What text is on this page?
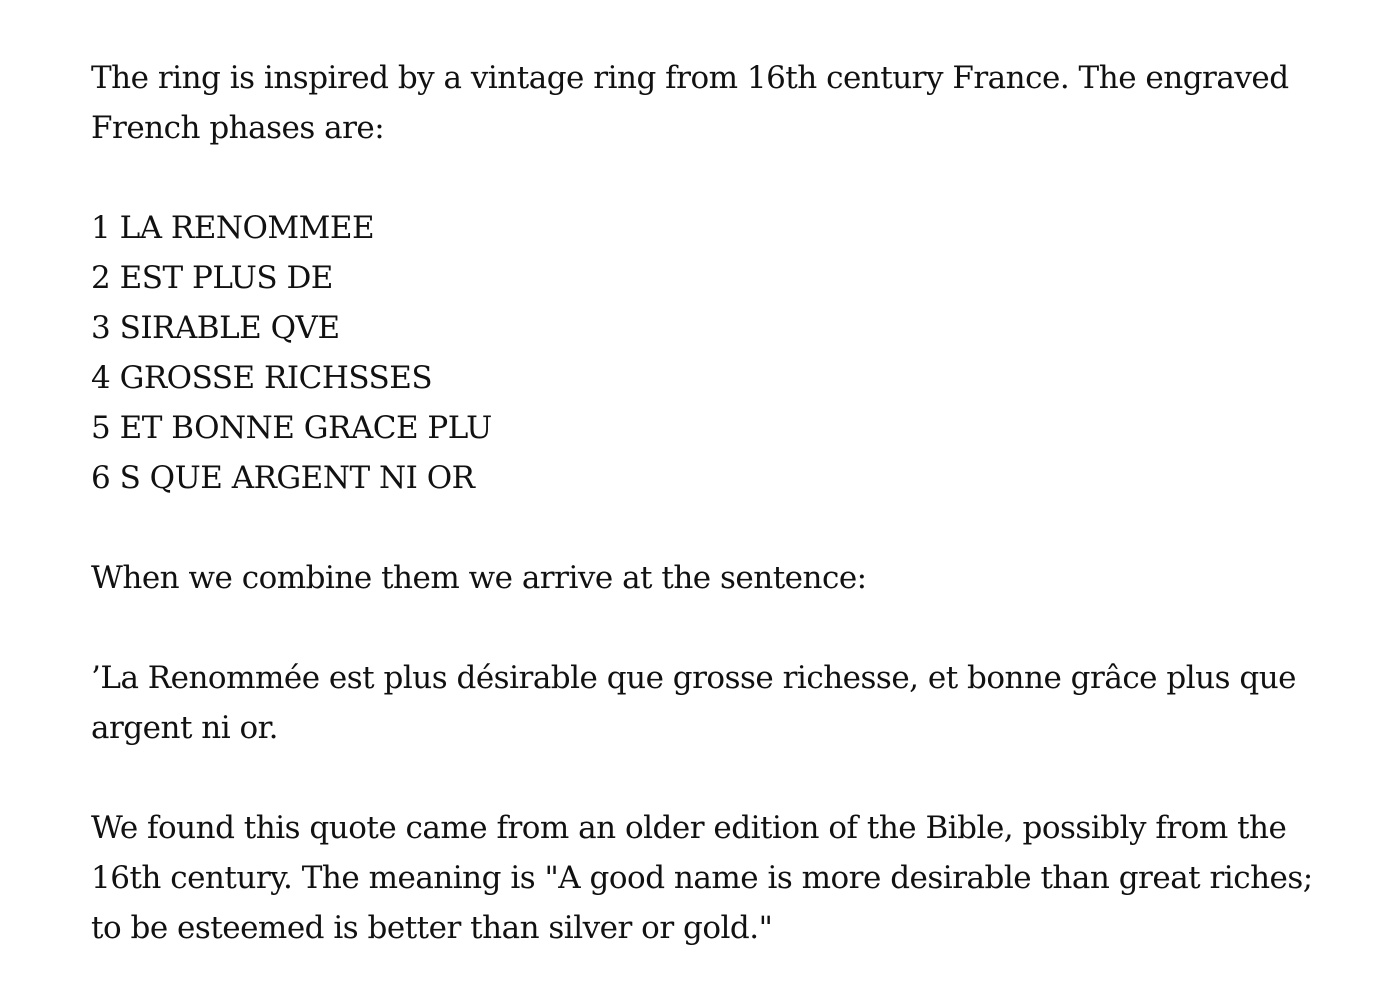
The ring is inspired by a vintage ring from 16th century France. The engraved French phases are:

1 LA RENOMMEE
2 EST PLUS DE
3 SIRABLE QVE
4 GROSSE RICHSSES
5 ET BONNE GRACE PLU
6 S QUE ARGENT NI OR

When we combine them we arrive at the sentence:

’La Renommée est plus désirable que grosse richesse, et bonne grâce plus que argent ni or.

We found this quote came from an older edition of the Bible, possibly from the 16th century. The meaning is "A good name is more desirable than great riches; to be esteemed is better than silver or gold."
